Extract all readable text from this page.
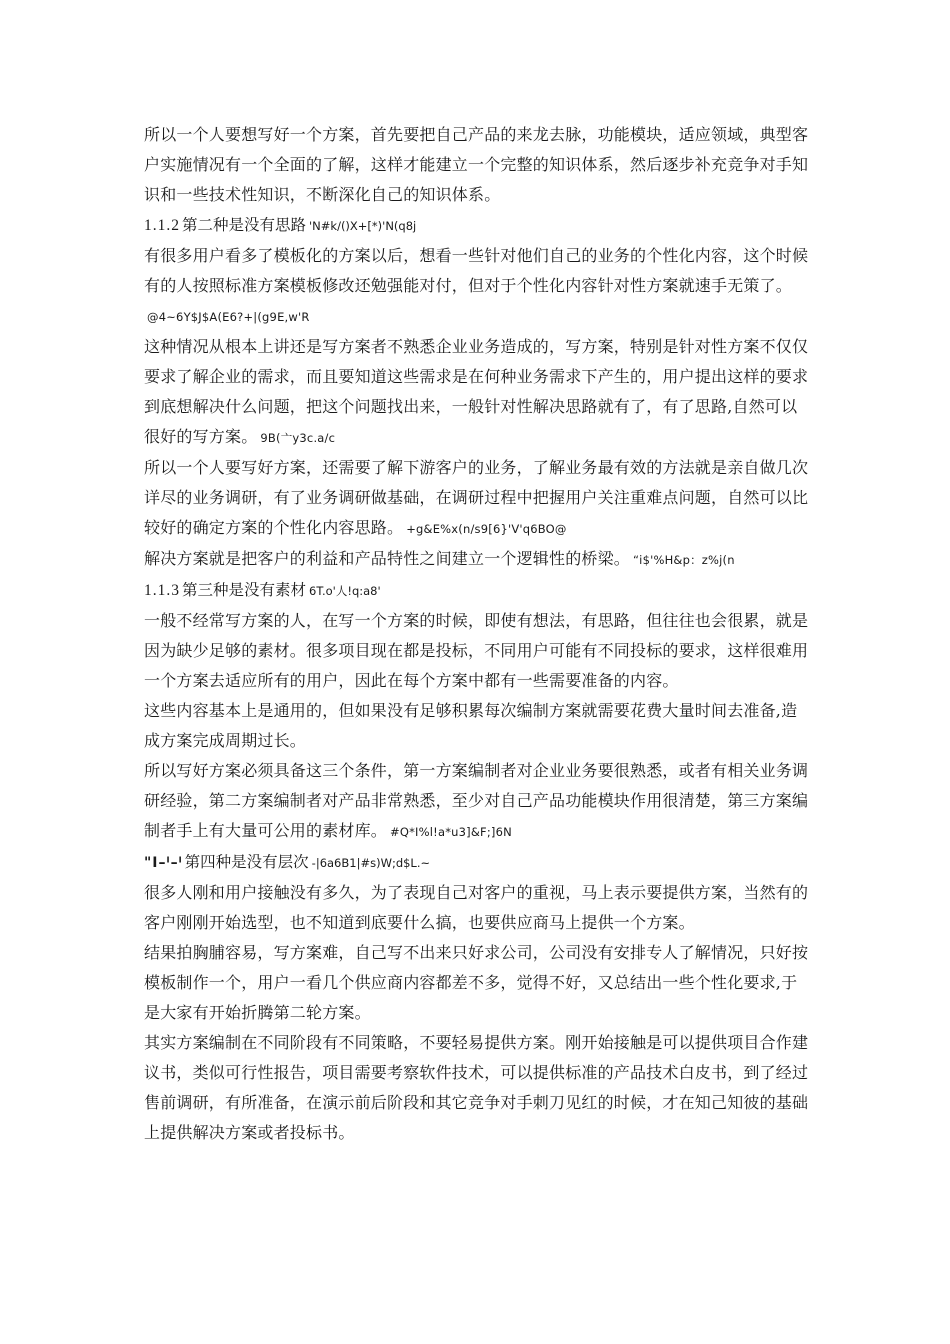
所以一个人要想写好一个方案，首先要把自己产品的来龙去脉，功能模块，适应领域，典型客户实施情况有一个全面的了解，这样才能建立一个完整的知识体系，然后逐步补充竞争对手知识和一些技术性知识，不断深化自己的知识体系。

1.1.2 第二种是没有思路 'N#k/()X+[*)'N(q8j

有很多用户看多了模板化的方案以后，想看一些针对他们自己的业务的个性化内容，这个时候有的人按照标准方案模板修改还勉强能对付，但对于个性化内容针对性方案就速手无策了。@4~6Y$J$A(E6?+|(g9E,w'R

这种情况从根本上讲还是写方案者不熟悉企业业务造成的，写方案，特别是针对性方案不仅仅要求了解企业的需求，而且要知道这些需求是在何种业务需求下产生的，用户提出这样的要求到底想解决什么问题，把这个问题找出来，一般针对性解决思路就有了，有了思路,自然可以很好的写方案。 9B(亠y3c.a/c

所以一个人要写好方案，还需要了解下游客户的业务，了解业务最有效的方法就是亲自做几次详尽的业务调研，有了业务调研做基础，在调研过程中把握用户关注重难点问题，自然可以比较好的确定方案的个性化内容思路。 +g&E%x(n/s9[6}'V'q6BO@

解决方案就是把客户的利益和产品特性之间建立一个逻辑性的桥梁。 “i$'%H&p：z%j(n

1.1.3 第三种是没有素材 6T.o'人!q:a8'

一般不经常写方案的人，在写一个方案的时候，即使有想法，有思路，但往往也会很累，就是因为缺少足够的素材。很多项目现在都是投标，不同用户可能有不同投标的要求，这样很难用一个方案去适应所有的用户，因此在每个方案中都有一些需要准备的内容。

这些内容基本上是通用的，但如果没有足够积累每次编制方案就需要花费大量时间去准备,造成方案完成周期过长。

所以写好方案必须具备这三个条件，第一方案编制者对企业业务要很熟悉，或者有相关业务调研经验，第二方案编制者对产品非常熟悉，至少对自己产品功能模块作用很清楚，第三方案编制者手上有大量可公用的素材库。 #Q*I%l!a*u3]&F;]6N

"I–ˡ–ˡ 第四种是没有层次 -|6a6B1|#s)W;d$L.~

很多人刚和用户接触没有多久，为了表现自己对客户的重视，马上表示要提供方案，当然有的客户刚刚开始选型，也不知道到底要什么搞，也要供应商马上提供一个方案。

结果拍胸脯容易，写方案难，自己写不出来只好求公司，公司没有安排专人了解情况，只好按模板制作一个，用户一看几个供应商内容都差不多，觉得不好，又总结出一些个性化要求,于是大家有开始折腾第二轮方案。

其实方案编制在不同阶段有不同策略，不要轻易提供方案。刚开始接触是可以提供项目合作建议书，类似可行性报告，项目需要考察软件技术，可以提供标准的产品技术白皮书，到了经过售前调研，有所准备，在演示前后阶段和其它竞争对手刺刀见红的时候，才在知己知彼的基础上提供解决方案或者投标书。
